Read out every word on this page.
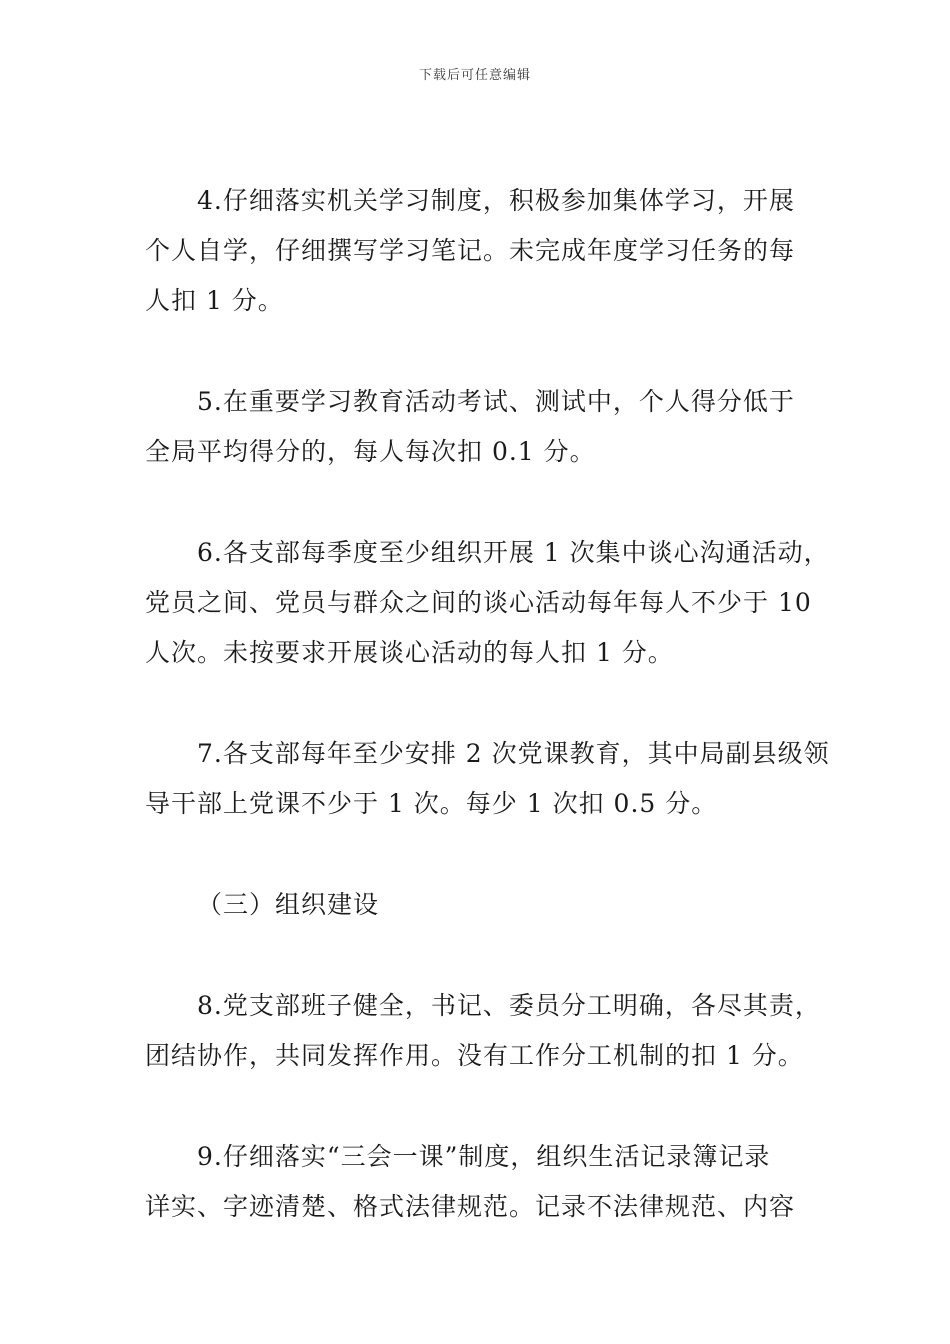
下载后可任意编辑

4.仔细落实机关学习制度，积极参加集体学习，开展
个人自学，仔细撰写学习笔记。未完成年度学习任务的每
人扣 1 分。

5.在重要学习教育活动考试、测试中，个人得分低于
全局平均得分的，每人每次扣 0.1 分。

6.各支部每季度至少组织开展 1 次集中谈心沟通活动，
党员之间、党员与群众之间的谈心活动每年每人不少于 10
人次。未按要求开展谈心活动的每人扣 1 分。

7.各支部每年至少安排 2 次党课教育，其中局副县级领
导干部上党课不少于 1 次。每少 1 次扣 0.5 分。

（三）组织建设

8.党支部班子健全，书记、委员分工明确，各尽其责，
团结协作，共同发挥作用。没有工作分工机制的扣 1 分。

9.仔细落实“三会一课”制度，组织生活记录簿记录
详实、字迹清楚、格式法律规范。记录不法律规范、内容
